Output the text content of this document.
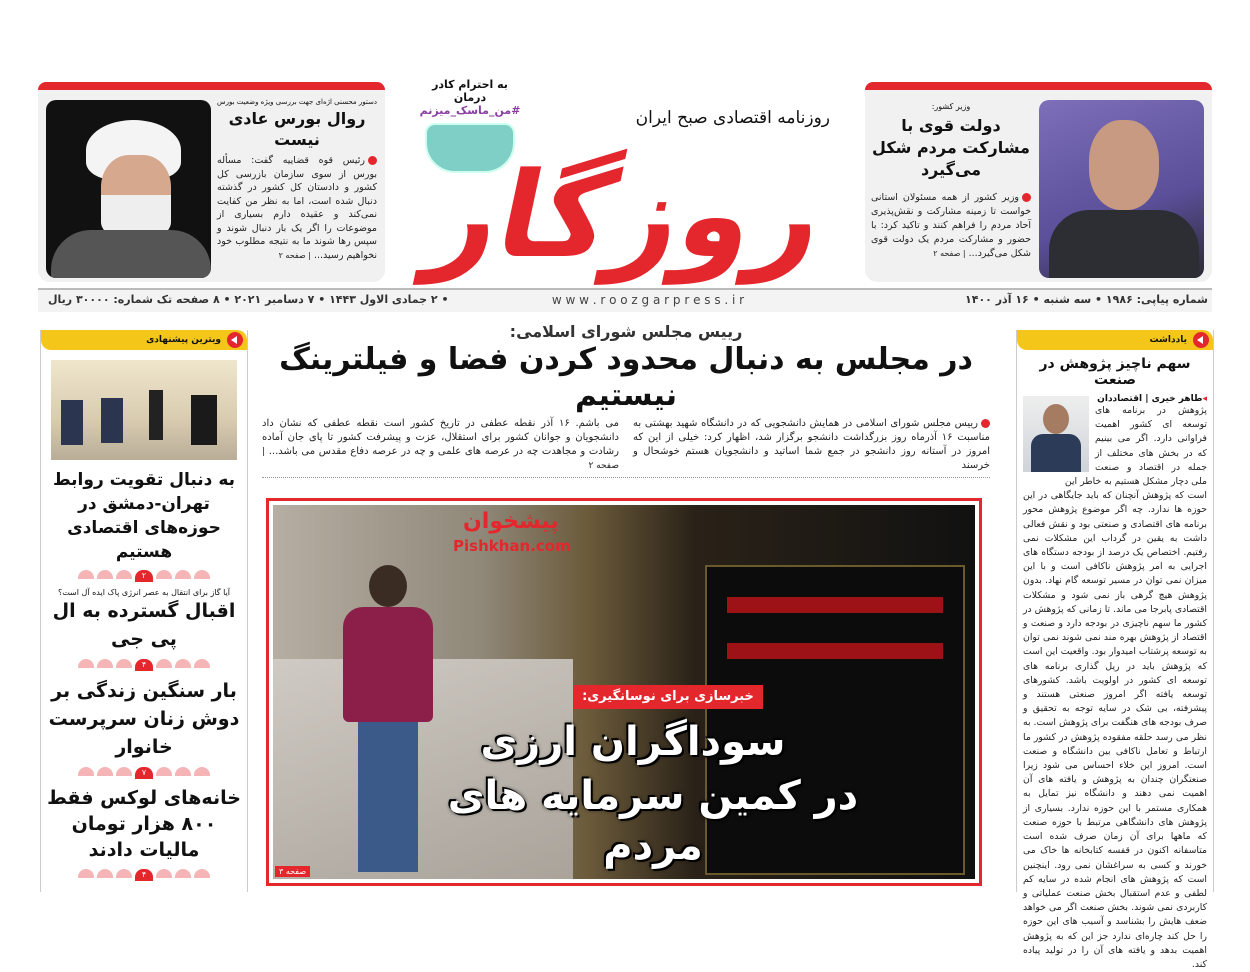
وزیر کشور:
دولت قوی با مشارکت مردم شکل می‌گیرد
وزیر کشور از همه مسئولان استانی خواست تا زمینه مشارکت و نقش‌پذیری آحاد مردم را فراهم کنند و تاکید کرد: با حضور و مشارکت مردم یک دولت قوی شکل می‌گیرد... | صفحه ۲
دستور محسنی اژه‌ای جهت بررسی ویژه وضعیت بورس
روال بورس عادی نیست
رئیس قوه قضاییه گفت: مسأله بورس از سوی سازمان بازرسی کل کشور و دادستان کل کشور در گذشته دنبال شده است، اما به نظر من کفایت نمی‌کند و عقیده دارم بسیاری از موضوعات را اگر یک بار دنبال شوند و سپس رها شوند ما به نتیجه مطلوب خود نخواهیم رسید... | صفحه ۲
به احترام کادر درمان
#من_ماسک_میزنم	روزنامه اقتصادی صبح ایران
روزگار
شماره پیاپی: ۱۹۸۶ • سه شنبه • ۱۶ آذر ۱۴۰۰
w w w . r o o z g a r p r e s s . i r
• ۲ جمادی الاول ۱۴۴۳ • ۷ دسامبر ۲۰۲۱ • ۸ صفحه تک شماره: ۳۰۰۰۰ ریال
رییس مجلس شورای اسلامی:
در مجلس به دنبال محدود کردن فضا و فیلترینگ نیستیم
رییس مجلس شورای اسلامی در همایش دانشجویی که در دانشگاه شهید بهشتی به مناسبت ۱۶ آذرماه روز بزرگداشت دانشجو برگزار شد، اظهار کرد: خیلی از این که امروز در آستانه روز دانشجو در جمع شما اساتید و دانشجویان هستم خوشحال و خرسند
می باشم. ۱۶ آذر نقطه عطفی در تاریخ کشور است نقطه عطفی که نشان داد دانشجویان و جوانان کشور برای استقلال، عزت و پیشرفت کشور تا پای جان آماده رشادت و مجاهدت چه در عرصه های علمی و چه در عرصه دفاع مقدس می باشد... | صفحه ۲
پیشخوان
Pishkhan.com
خبرسازی برای نوسانگیری:
سوداگران ارزی
در کمین سرمایه های مردم
صفحه ۳
یادداشت
سهم ناچیز پژوهش در صنعت
◂طاهر خیری | اقتصاددان
پژوهش در برنامه های توسعه ای کشور اهمیت فراوانی دارد. اگر می بینیم که در بخش های مختلف از جمله در اقتصاد و صنعت ملی دچار مشکل هستیم به خاطر این
است که پژوهش آنچنان که باید جایگاهی در این حوزه ها ندارد. چه اگر موضوع پژوهش محور برنامه های اقتصادی و صنعتی بود و نقش فعالی داشت به یقین در گرداب این مشکلات نمی رفتیم. اختصاص یک درصد از بودجه دستگاه های اجرایی به امر پژوهش ناکافی است و با این میزان نمی توان در مسیر توسعه گام نهاد. بدون پژوهش هیچ گرهی باز نمی شود و مشکلات اقتصادی پابرجا می ماند. تا زمانی که پژوهش در کشور ما سهم ناچیزی در بودجه دارد و صنعت و اقتصاد از پژوهش بهره مند نمی شوند نمی توان به توسعه پرشتاب امیدوار بود. واقعیت این است که پژوهش باید در ریل گذاری برنامه های توسعه ای کشور در اولویت باشد. کشورهای توسعه یافته اگر امروز صنعتی هستند و پیشرفته، بی شک در سایه توجه به تحقیق و صرف بودجه های هنگفت برای پژوهش است. به نظر می رسد حلقه مفقوده پژوهش در کشور ما ارتباط و تعامل ناکافی بین دانشگاه و صنعت است. امروز این خلاء احساس می شود زیرا صنعتگران چندان به پژوهش و یافته های آن اهمیت نمی دهند و دانشگاه نیز تمایل به همکاری مستمر با این حوزه ندارد. بسیاری از پژوهش های دانشگاهی مرتبط با حوزه صنعت که ماهها برای آن زمان صرف شده است متاسفانه اکنون در قفسه کتابخانه ها خاک می خورند و کسی به سراغشان نمی رود. اینچنین است که پژوهش های انجام شده در سایه کم لطفی و عدم استقبال بخش صنعت عملیاتی و کاربردی نمی شوند. بخش صنعت اگر می خواهد ضعف هایش را بشناسد و آسیب های این حوزه را حل کند چاره‌ای ندارد جز این که به پژوهش اهمیت بدهد و یافته های آن را در تولید پیاده کند.
ویترین پیشنهادی
به دنبال تقویت روابط تهران-دمشق در حوزه‌های اقتصادی هستیم
۲
آیا گاز برای انتقال به عصر انرژی پاک ایده آل است؟
اقبال گسترده به ال پی جی
۴
بار سنگین زندگی بر دوش زنان سرپرست خانوار
۷
خانه‌های لوکس فقط ۸۰۰ هزار تومان مالیات دادند
۴
